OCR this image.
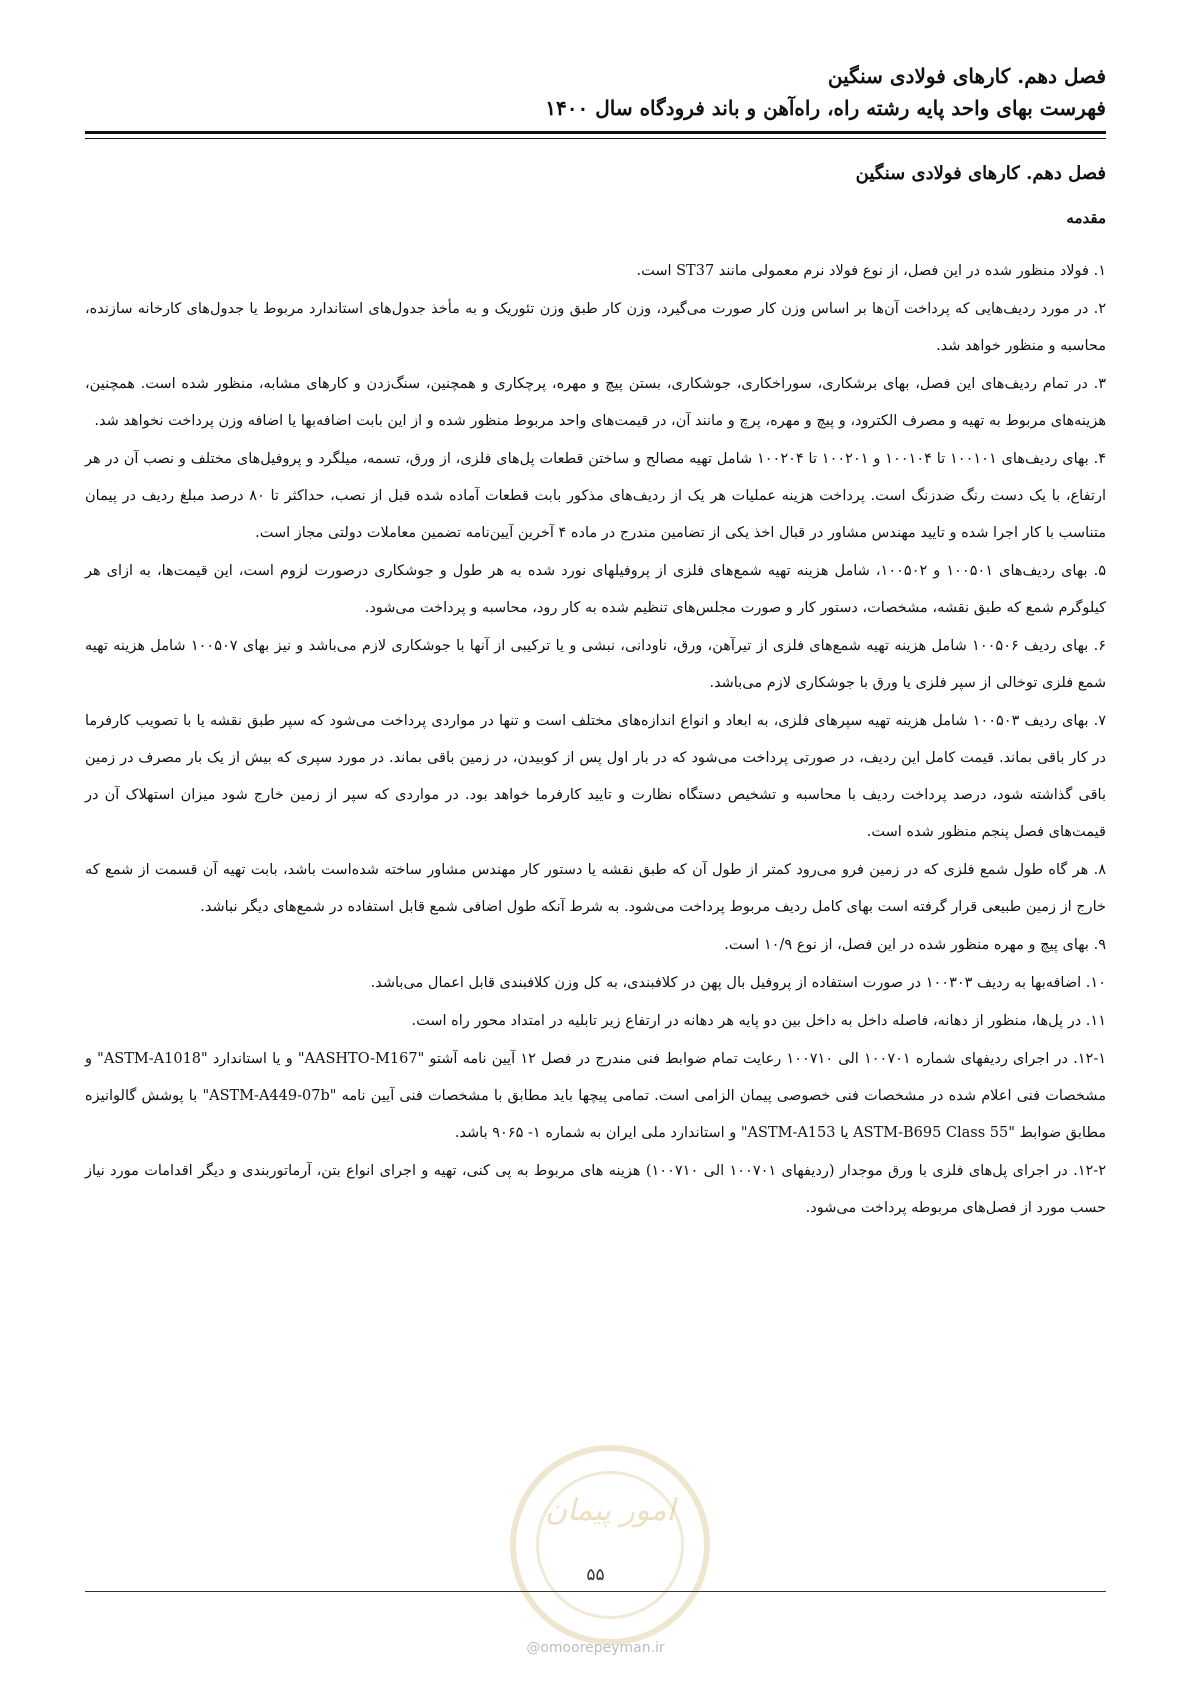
فصل دهم. کارهای فولادی سنگین
فهرست بهای واحد پایه رشته راه، راه‌آهن و باند فرودگاه سال ۱۴۰۰
فصل دهم. کارهای فولادی سنگین
مقدمه

۱. فولاد منظور شده در این فصل، از نوع فولاد نرم معمولی مانند ST37 است.

۲. در مورد ردیف‌هایی که پرداخت آن‌ها بر اساس وزن کار صورت می‌گیرد، وزن کار طبق وزن تئوریک و به مأخذ جدول‌های استاندارد مربوط یا جدول‌های کارخانه سازنده، محاسبه و منظور خواهد شد.

۳. در تمام ردیف‌های این فصل، بهای برشکاری، سوراخکاری، جوشکاری، بستن پیچ و مهره، پرچکاری و همچنین، سنگ‌زدن و کارهای مشابه، منظور شده است. همچنین، هزینه‌های مربوط به تهیه و مصرف الکترود، و پیچ و مهره، پرچ و مانند آن، در قیمت‌های واحد مربوط منظور شده و از این بابت اضافه‌بها یا اضافه وزن پرداخت نخواهد شد.

۴. بهای ردیف‌های ۱۰۰۱۰۱ تا ۱۰۰۱۰۴ و ۱۰۰۲۰۱ تا ۱۰۰۲۰۴ شامل تهیه مصالح و ساختن قطعات پل‌های فلزی، از ورق، تسمه، میلگرد و پروفیل‌های مختلف و نصب آن در هر ارتفاع، با یک دست رنگ ضدزنگ است. پرداخت هزینه عملیات هر یک از ردیف‌های مذکور بابت قطعات آماده شده قبل از نصب، حداکثر تا ۸۰ درصد مبلغ ردیف در پیمان متناسب با کار اجرا شده و تایید مهندس مشاور در قبال اخذ یکی از تضامین مندرج در ماده ۴ آخرین آیین‌نامه تضمین معاملات دولتی مجاز است.

۵. بهای ردیف‌های ۱۰۰۵۰۱ و ۱۰۰۵۰۲، شامل هزینه تهیه شمع‌های فلزی از پروفیلهای نورد شده به هر طول و جوشکاری درصورت لزوم است، این قیمت‌ها، به ازای هر کیلوگرم شمع که طبق نقشه، مشخصات، دستور کار و صورت مجلس‌های تنظیم شده به کار رود، محاسبه و پرداخت می‌شود.

۶. بهای ردیف ۱۰۰۵۰۶ شامل هزینه تهیه شمع‌های فلزی از تیرآهن، ورق، ناودانی، نبشی و یا ترکیبی از آنها با جوشکاری لازم می‌باشد و نیز بهای ۱۰۰۵۰۷ شامل هزینه تهیه شمع فلزی توخالی از سپر فلزی یا ورق با جوشکاری لازم می‌باشد.

۷. بهای ردیف ۱۰۰۵۰۳ شامل هزینه تهیه سپرهای فلزی، به ابعاد و انواع اندازه‌های مختلف است و تنها در مواردی پرداخت می‌شود که سپر طبق نقشه یا با تصویب کارفرما در کار باقی بماند. قیمت کامل این ردیف، در صورتی پرداخت می‌شود که در بار اول پس از کوبیدن، در زمین باقی بماند. در مورد سپری که بیش از یک بار مصرف در زمین باقی گذاشته شود، درصد پرداخت ردیف با محاسبه و تشخیص دستگاه نظارت و تایید کارفرما خواهد بود. در مواردی که سپر از زمین خارج شود میزان استهلاک آن در قیمت‌های فصل پنجم منظور شده است.

۸. هر گاه طول شمع فلزی که در زمین فرو می‌رود کمتر از طول آن که طبق نقشه یا دستور کار مهندس مشاور ساخته شده‌است باشد، بابت تهیه آن قسمت از شمع که خارج از زمین طبیعی قرار گرفته است بهای کامل ردیف مربوط پرداخت می‌شود. به شرط آنکه طول اضافی شمع قابل استفاده در شمع‌های دیگر نباشد.

۹. بهای پیچ و مهره منظور شده در این فصل، از نوع ۱۰/۹ است.

۱۰. اضافه‌بها به ردیف ۱۰۰۳۰۳ در صورت استفاده از پروفیل بال پهن در کلافبندی، به کل وزن کلافبندی قابل اعمال می‌باشد.

۱۱. در پل‌ها، منظور از دهانه، فاصله داخل به داخل بین دو پایه هر دهانه در ارتفاع زیر تابلیه در امتداد محور راه است.

۱۲-۱. در اجرای ردیفهای شماره ۱۰۰۷۰۱ الی ۱۰۰۷۱۰ رعایت تمام ضوابط فنی مندرج در فصل ۱۲ آیین نامه آشتو "AASHTO-M167" و یا استاندارد "ASTM-A1018" و مشخصات فنی اعلام شده در مشخصات فنی خصوصی پیمان الزامی است. تمامی پیچها باید مطابق با مشخصات فنی آیین نامه "ASTM-A449-07b" با پوشش گالوانیزه مطابق ضوابط "ASTM-B695 Class 55 یا ASTM-A153" و استاندارد ملی ایران به شماره ۱- ۹۰۶۵ باشد.

۱۲-۲. در اجرای پل‌های فلزی با ورق موجدار (ردیفهای ۱۰۰۷۰۱ الی ۱۰۰۷۱۰) هزینه های مربوط به پی کنی، تهیه و اجرای انواع بتن، آرماتوربندی و دیگر اقدامات مورد نیاز حسب مورد از فصل‌های مربوطه پرداخت می‌شود.

امور پیمان
۵۵
@omoorepeyman.ir
